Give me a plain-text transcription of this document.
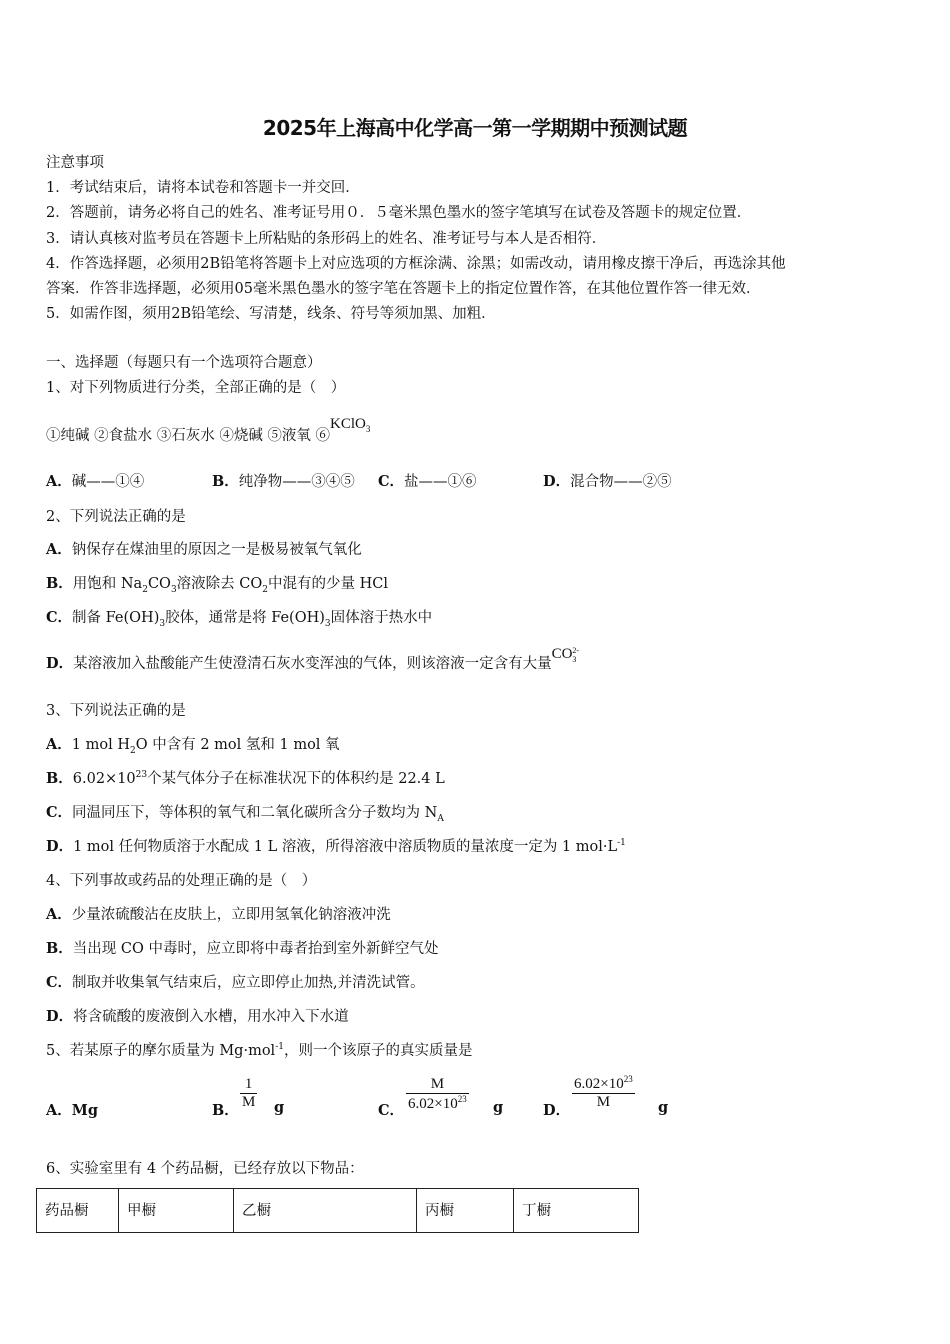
2025年上海高中化学高一第一学期期中预测试题
注意事项
1．考试结束后，请将本试卷和答题卡一并交回．
2．答题前，请务必将自己的姓名、准考证号用０．５毫米黑色墨水的签字笔填写在试卷及答题卡的规定位置．
3．请认真核对监考员在答题卡上所粘贴的条形码上的姓名、准考证号与本人是否相符．
4．作答选择题，必须用2B铅笔将答题卡上对应选项的方框涂满、涂黑；如需改动，请用橡皮擦干净后，再选涂其他
答案．作答非选择题，必须用05毫米黑色墨水的签字笔在答题卡上的指定位置作答，在其他位置作答一律无效．
5．如需作图，须用2B铅笔绘、写清楚，线条、符号等须加黑、加粗．
一、选择题（每题只有一个选项符合题意）
1、对下列物质进行分类，全部正确的是（　）
①纯碱 ②食盐水 ③石灰水 ④烧碱 ⑤液氧 ⑥KClO$_3$
A．碱——①④	B．纯净物——③④⑤ C．盐——①⑥	D．混合物——②⑤
2、下列说法正确的是
A．钠保存在煤油里的原因之一是极易被氧气氧化
B．用饱和 $Na_2CO_3$溶液除去 $CO_2$中混有的少量 HCl
C．制备 $Fe(OH)_3$胶体，通常是将 $Fe(OH)_3$固体溶于热水中
D．某溶液加入盐酸能产生使澄清石灰水变浑浊的气体，则该溶液一定含有大量CO 2-
3
3、下列说法正确的是
A．1 mol $H_2O$ 中含有 2 mol 氢和 1 mol 氧
B．$6.02\times 10^{23}$个某气体分子在标准状况下的体积约是 22.4 L
C．同温同压下，等体积的氧气和二氧化碳所含分子数均为 $N_A$
D．1 mol 任何物质溶于水配成 1 L 溶液，所得溶液中溶质物质的量浓度一定为 1 $mol\cdot L^{-1}$
4、下列事故或药品的处理正确的是（　）
A．少量浓硫酸沾在皮肤上，立即用氢氧化钠溶液冲洗
B．当出现 CO 中毒时，应立即将中毒者抬到室外新鲜空气处
C．制取并收集氧气结束后，应立即停止加热,并清洗试管。
D．将含硫酸的废液倒入水槽，用水冲入下水道
5、若某原子的摩尔质量为 Mg·mol$^{-1}$，则一个该原子的真实质量是
A．Mg	B． $\frac{1}{M}$ g	C． $\frac{M}{6.02\times 10^{23}}$ g	D． $\frac{6.02\times 10^{23}}{M}$ g
6、实验室里有 4 个药品橱，已经存放以下物品：
药品橱	甲橱	乙橱	丙橱	丁橱
